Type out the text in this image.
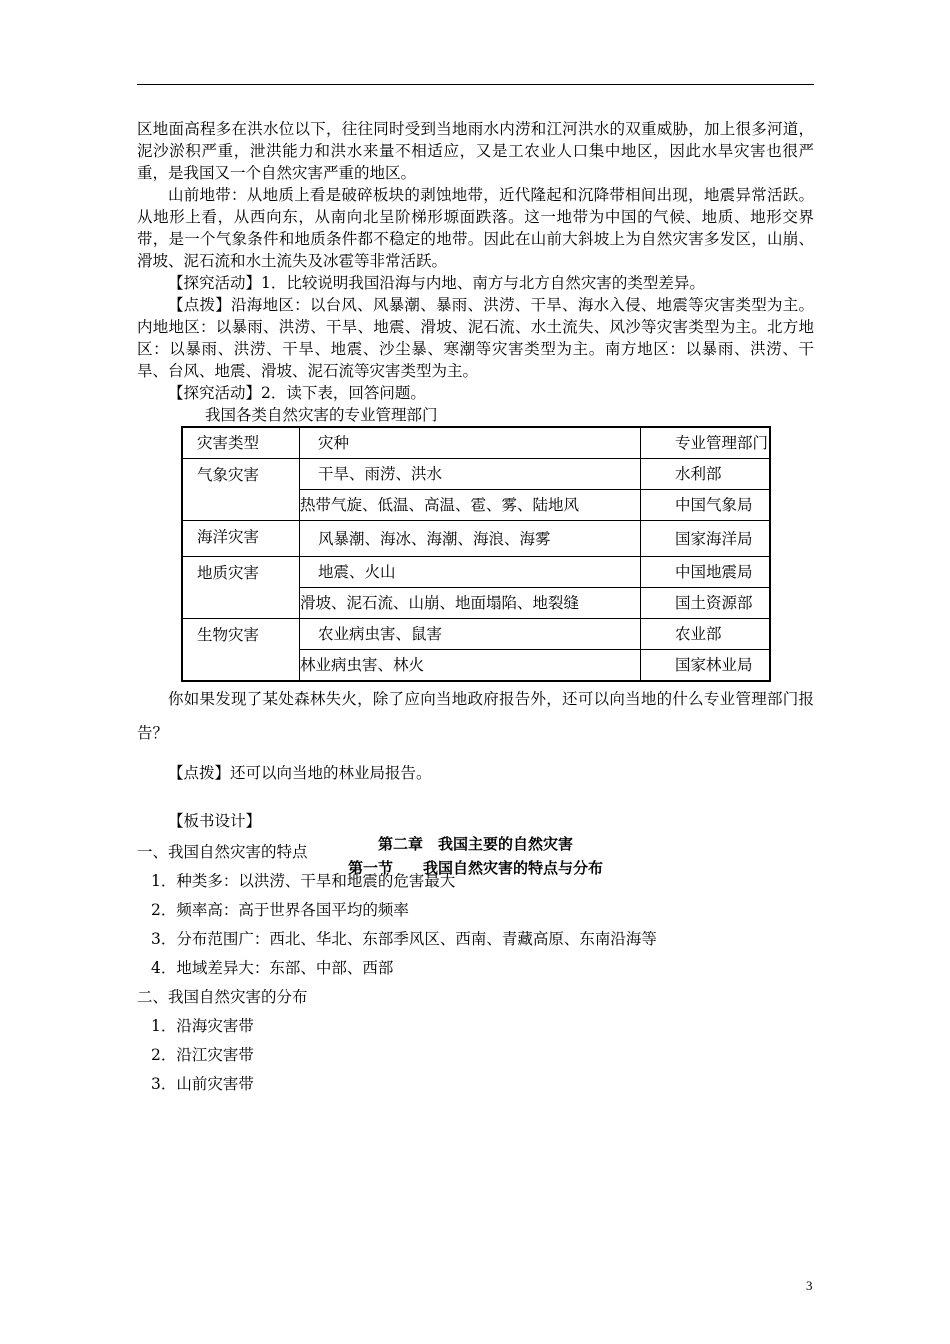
区地面高程多在洪水位以下，往往同时受到当地雨水内涝和江河洪水的双重威胁，加上很多河道，泥沙淤积严重，泄洪能力和洪水来量不相适应，又是工农业人口集中地区，因此水旱灾害也很严重，是我国又一个自然灾害严重的地区。

山前地带：从地质上看是破碎板块的剥蚀地带，近代隆起和沉降带相间出现，地震异常活跃。从地形上看，从西向东，从南向北呈阶梯形塬面跌落。这一地带为中国的气候、地质、地形交界带，是一个气象条件和地质条件都不稳定的地带。因此在山前大斜坡上为自然灾害多发区，山崩、滑坡、泥石流和水土流失及冰雹等非常活跃。

【探究活动】1．比较说明我国沿海与内地、南方与北方自然灾害的类型差异。

【点拨】沿海地区：以台风、风暴潮、暴雨、洪涝、干旱、海水入侵、地震等灾害类型为主。内地地区：以暴雨、洪涝、干旱、地震、滑坡、泥石流、水土流失、风沙等灾害类型为主。北方地区：以暴雨、洪涝、干旱、地震、沙尘暴、寒潮等灾害类型为主。南方地区：以暴雨、洪涝、干旱、台风、地震、滑坡、泥石流等灾害类型为主。

【探究活动】2．读下表，回答问题。

我国各类自然灾害的专业管理部门

灾害类型	灾种	专业管理部门
气象灾害	干旱、雨涝、洪水	水利部
	热带气旋、低温、高温、雹、雾、陆地风	中国气象局
海洋灾害	风暴潮、海冰、海潮、海浪、海雾	国家海洋局
地质灾害	地震、火山	中国地震局
	滑坡、泥石流、山崩、地面塌陷、地裂缝	国土资源部
生物灾害	农业病虫害、鼠害	农业部
	林业病虫害、林火	国家林业局

你如果发现了某处森林失火，除了应向当地政府报告外，还可以向当地的什么专业管理部门报告？

【点拨】还可以向当地的林业局报告。

【板书设计】

第二章　我国主要的自然灾害

第一节　　我国自然灾害的特点与分布

一、我国自然灾害的特点

1．种类多：以洪涝、干旱和地震的危害最大

2．频率高：高于世界各国平均的频率

3．分布范围广：西北、华北、东部季风区、西南、青藏高原、东南沿海等

4．地域差异大：东部、中部、西部

二、我国自然灾害的分布

1．沿海灾害带

2．沿江灾害带

3．山前灾害带

3
